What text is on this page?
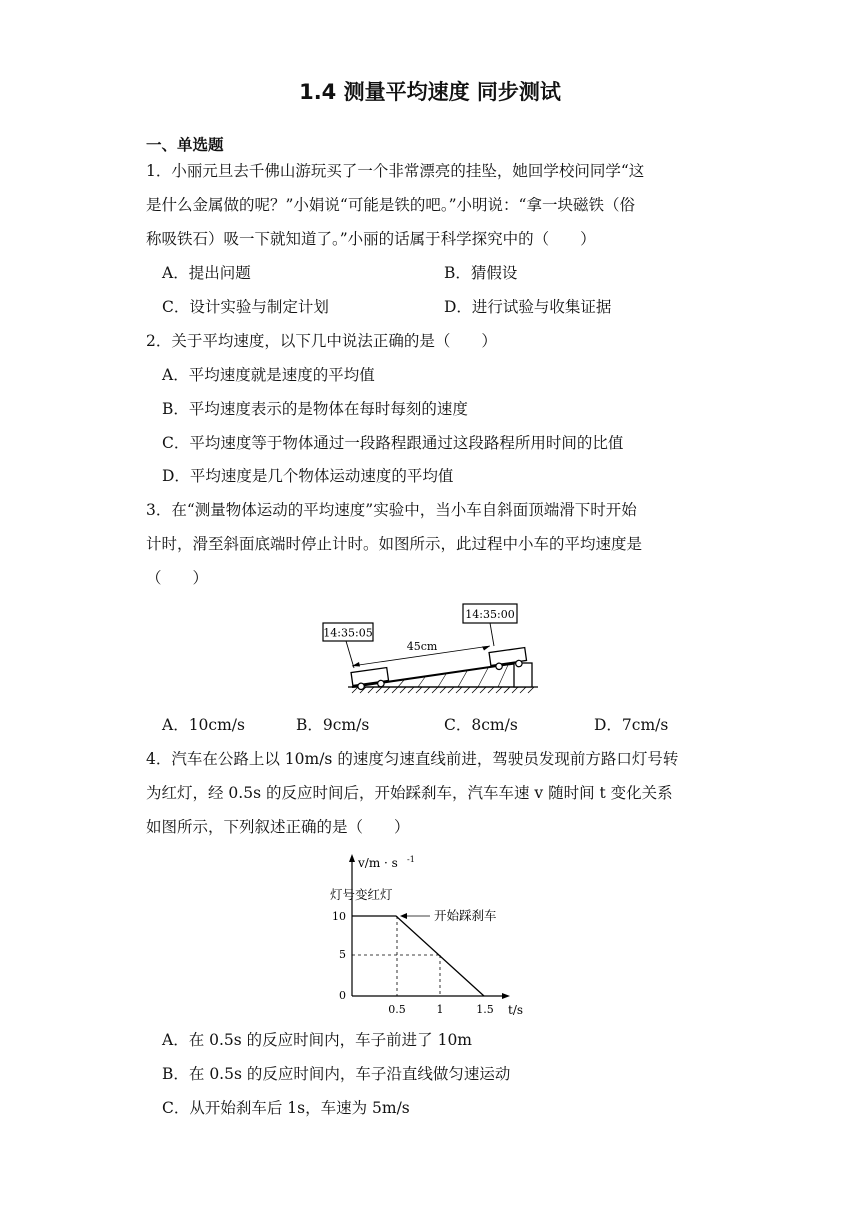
1.4 测量平均速度 同步测试
一、单选题
1．小丽元旦去千佛山游玩买了一个非常漂亮的挂坠，她回学校问同学“这
是什么金属做的呢？”小娟说“可能是铁的吧。”小明说：“拿一块磁铁（俗
称吸铁石）吸一下就知道了。”小丽的话属于科学探究中的（　　）
A．提出问题	B．猜假设
C．设计实验与制定计划	D．进行试验与收集证据
2．关于平均速度，以下几中说法正确的是（　　）
A．平均速度就是速度的平均值
B．平均速度表示的是物体在每时每刻的速度
C．平均速度等于物体通过一段路程跟通过这段路程所用时间的比值
D．平均速度是几个物体运动速度的平均值
3．在“测量物体运动的平均速度”实验中，当小车自斜面顶端滑下时开始
计时，滑至斜面底端时停止计时。如图所示，此过程中小车的平均速度是
（　　）
14:35:05
14:35:00
45cm
A．10cm/s	B．9cm/s	C．8cm/s	D．7cm/s
4．汽车在公路上以 10m/s 的速度匀速直线前进，驾驶员发现前方路口灯号转
为红灯，经 0.5s 的反应时间后，开始踩刹车，汽车车速 v 随时间 t 变化关系
如图所示，下列叙述正确的是（　　）
v/m · s -1
t/s
10
5
0
0.5	1	1.5
灯号变红灯
开始踩刹车
A．在 0.5s 的反应时间内，车子前进了 10m
B．在 0.5s 的反应时间内，车子沿直线做匀速运动
C．从开始刹车后 1s，车速为 5m/s
